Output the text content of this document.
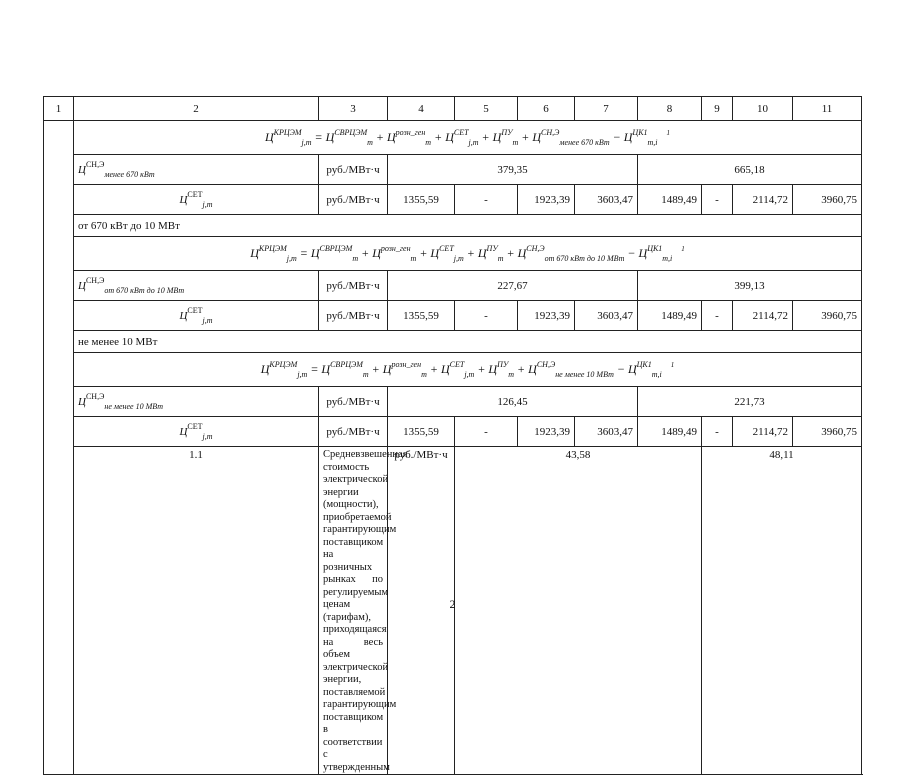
1	2	3	4	5	6	7	8	9	10	11
	$Ц^{КРЦЭМ}_{j,m} = Ц^{СВРЦЭМ}_m + Ц^{розн\_ген}_m + Ц^{СЕТ}_{j,m} + Ц^{ПУ}_m + Ц^{СН,Э}_{менее 670 кВт} - Ц^{ЦК1}_{m,i}$ $^1$
	$Ц^{СН,Э}_{менее 670 кВт}$	руб./МВт·ч	379,35				665,18			
	$Ц^{СЕТ}_{j,m}$	руб./МВт·ч	1355,59	-	1923,39	3603,47	1489,49	-	2114,72	3960,75
	от 670 кВт до 10 МВт									
	$Ц^{КРЦЭМ}_{j,m} = Ц^{СВРЦЭМ}_m + Ц^{розн\_ген}_m + Ц^{СЕТ}_{j,m} + Ц^{ПУ}_m + Ц^{СН,Э}_{от 670 кВт до 10 МВт} - Ц^{ЦК1}_{m,i}$ $^1$
	$Ц^{СН,Э}_{от 670 кВт до 10 МВт}$	руб./МВт·ч	227,67				399,13			
	$Ц^{СЕТ}_{j,m}$	руб./МВт·ч	1355,59	-	1923,39	3603,47	1489,49	-	2114,72	3960,75
	не менее 10 МВт									
	$Ц^{КРЦЭМ}_{j,m} = Ц^{СВРЦЭМ}_m + Ц^{розн\_ген}_m + Ц^{СЕТ}_{j,m} + Ц^{ПУ}_m + Ц^{СН,Э}_{не менее 10 МВт} - Ц^{ЦК1}_{m,i}$ $^1$
	$Ц^{СН,Э}_{не менее 10 МВт}$	руб./МВт·ч	126,45				221,73			
	$Ц^{СЕТ}_{j,m}$	руб./МВт·ч	1355,59	-	1923,39	3603,47	1489,49	-	2114,72	3960,75
	1.1	Средневзвешенная стоимость электрической энергии (мощности), приобретаемой гарантирующим поставщиком на розничных рынках по регулируемым ценам (тарифам), приходящаяся на весь объем электрической энергии, поставляемой гарантирующим поставщиком в соответствии с утвержденным	руб./МВт·ч	43,58				48,11		
2
